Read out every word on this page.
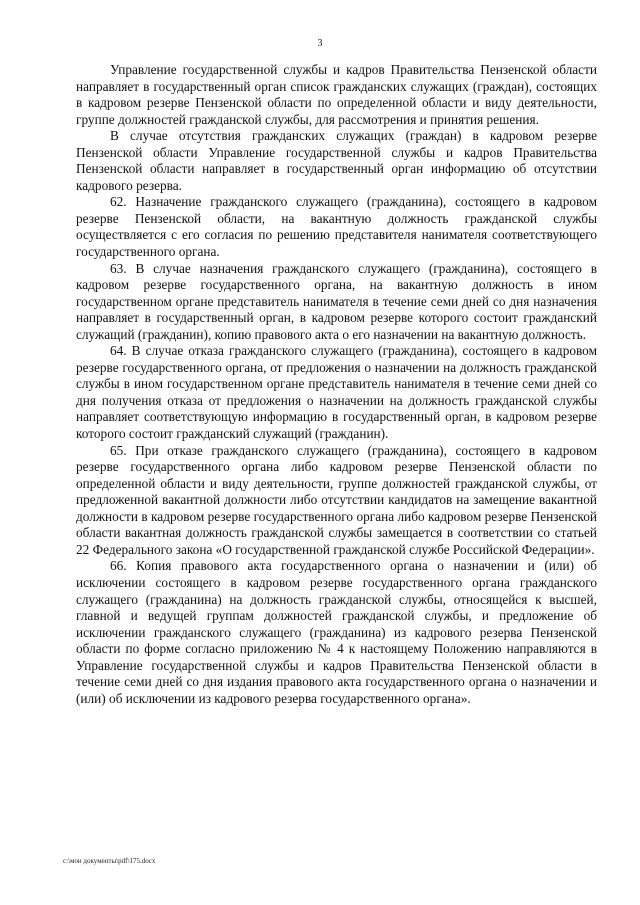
3

Управление государственной службы и кадров Правительства Пензенской области направляет в государственный орган список гражданских служащих (граждан), состоящих в кадровом резерве Пензенской области по определенной области и виду деятельности, группе должностей гражданской службы, для рассмотрения и принятия решения.

В случае отсутствия гражданских служащих (граждан) в кадровом резерве Пензенской области Управление государственной службы и кадров Правительства Пензенской области направляет в государственный орган информацию об отсутствии кадрового резерва.

62. Назначение гражданского служащего (гражданина), состоящего в кадровом резерве Пензенской области, на вакантную должность гражданской службы осуществляется с его согласия по решению представителя нанимателя соответствующего государственного органа.

63. В случае назначения гражданского служащего (гражданина), состоящего в кадровом резерве государственного органа, на вакантную должность в ином государственном органе представитель нанимателя в течение семи дней со дня назначения направляет в государственный орган, в кадровом резерве которого состоит гражданский служащий (гражданин), копию правового акта о его назначении на вакантную должность.

64. В случае отказа гражданского служащего (гражданина), состоящего в кадровом резерве государственного органа, от предложения о назначении на должность гражданской службы в ином государственном органе представитель нанимателя в течение семи дней со дня получения отказа от предложения о назначении на должность гражданской службы направляет соответствующую информацию в государственный орган, в кадровом резерве которого состоит гражданский служащий (гражданин).

65. При отказе гражданского служащего (гражданина), состоящего в кадровом резерве государственного органа либо кадровом резерве Пензенской области по определенной области и виду деятельности, группе должностей гражданской службы, от предложенной вакантной должности либо отсутствии кандидатов на замещение вакантной должности в кадровом резерве государственного органа либо кадровом резерве Пензенской области вакантная должность гражданской службы замещается в соответствии со статьей 22 Федерального закона «О государственной гражданской службе Российской Федерации».

66. Копия правового акта государственного органа о назначении и (или) об исключении состоящего в кадровом резерве государственного органа гражданского служащего (гражданина) на должность гражданской службы, относящейся к высшей, главной и ведущей группам должностей гражданской службы, и предложение об исключении гражданского служащего (гражданина) из кадрового резерва Пензенской области по форме согласно приложению № 4 к настоящему Положению направляются в Управление государственной службы и кадров Правительства Пензенской области в течение семи дней со дня издания правового акта государственного органа о назначении и (или) об исключении из кадрового резерва государственного органа».

c:\мои документы\pdf\175.docx
